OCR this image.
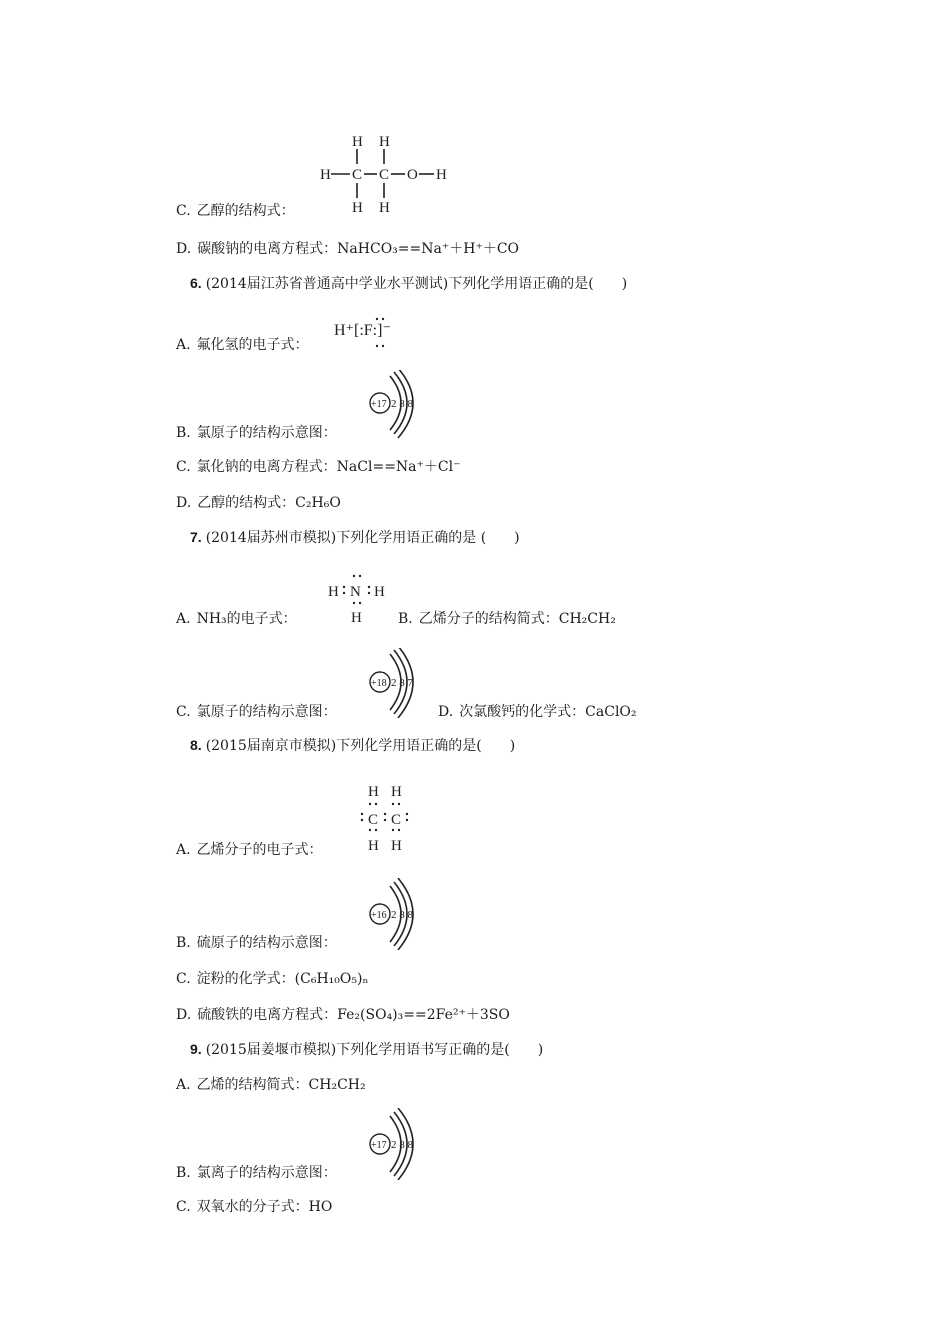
H H
H C C O H
H H
C. 乙醇的结构式：
D. 碳酸钠的电离方程式：NaHCO₃==Na⁺＋H⁺＋CO
6. (2014届江苏省普通高中学业水平测试)下列化学用语正确的是(　　)
H⁺[:F:]⁻
A. 氟化氢的电子式：
+17 2 8 8
B. 氯原子的结构示意图：
C. 氯化钠的电离方程式：NaCl==Na⁺＋Cl⁻
D. 乙醇的结构式：C₂H₆O
7. (2014届苏州市模拟)下列化学用语正确的是 (　　)
H N H
H
A. NH₃的电子式：	B. 乙烯分子的结构简式：CH₂CH₂
+18 2 8 7
C. 氯原子的结构示意图：	D. 次氯酸钙的化学式：CaClO₂
8. (2015届南京市模拟)下列化学用语正确的是(　　)
H H
C C
H H
A. 乙烯分子的电子式：
+16 2 8 8
B. 硫原子的结构示意图：
C. 淀粉的化学式：(C₆H₁₀O₅)ₙ
D. 硫酸铁的电离方程式：Fe₂(SO₄)₃==2Fe²⁺＋3SO
9. (2015届姜堰市模拟)下列化学用语书写正确的是(　　)
A. 乙烯的结构简式：CH₂CH₂
+17 2 8 8
B. 氯离子的结构示意图：
C. 双氧水的分子式：HO
